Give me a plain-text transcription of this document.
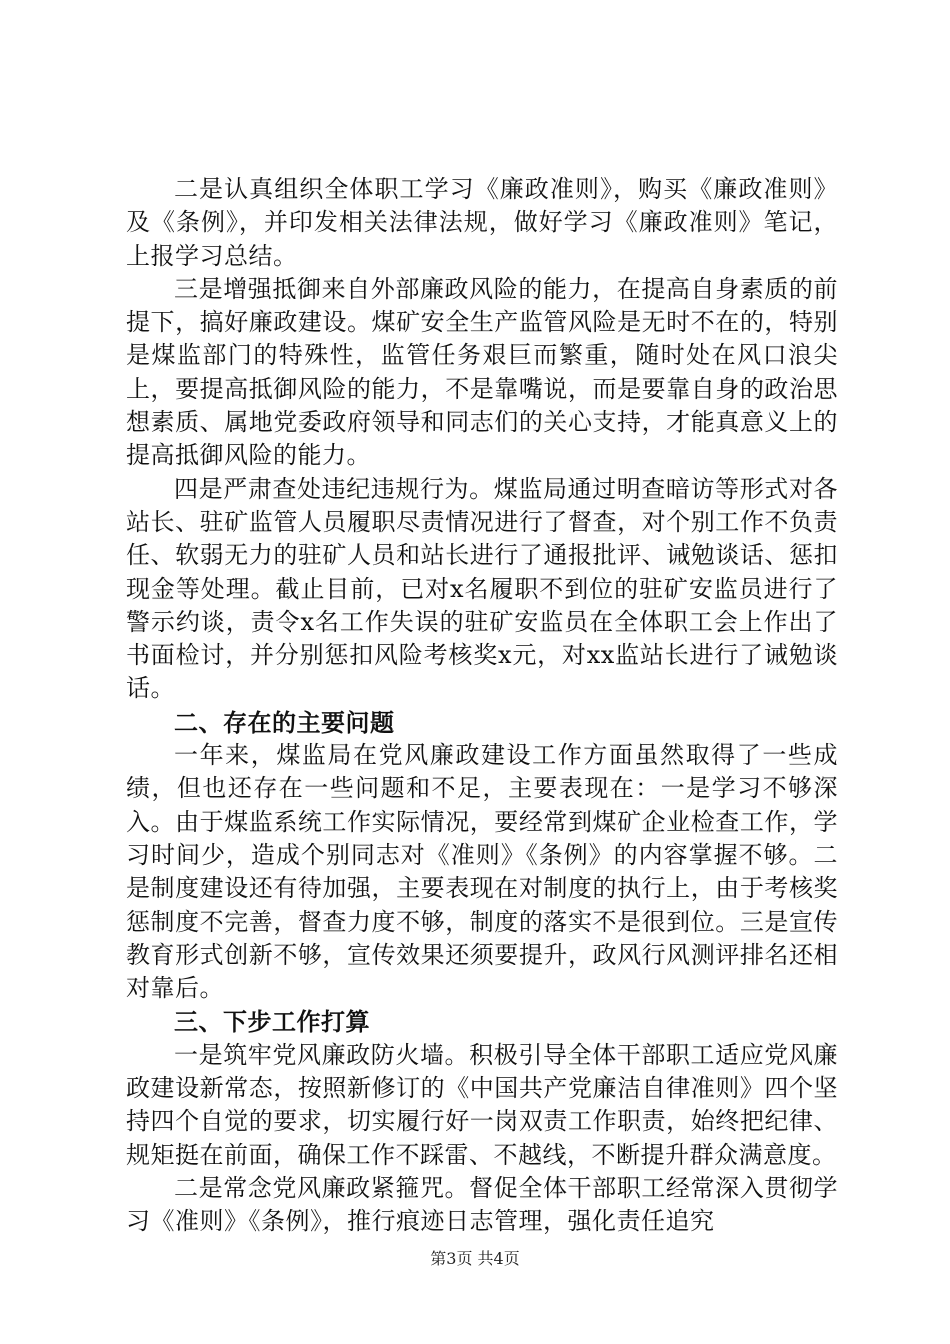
二是认真组织全体职工学习《廉政准则》，购买《廉政准则》及《条例》，并印发相关法律法规，做好学习《廉政准则》笔记，上报学习总结。

三是增强抵御来自外部廉政风险的能力，在提高自身素质的前提下，搞好廉政建设。煤矿安全生产监管风险是无时不在的，特别是煤监部门的特殊性，监管任务艰巨而繁重，随时处在风口浪尖上，要提高抵御风险的能力，不是靠嘴说，而是要靠自身的政治思想素质、属地党委政府领导和同志们的关心支持，才能真意义上的提高抵御风险的能力。

四是严肃查处违纪违规行为。煤监局通过明查暗访等形式对各站长、驻矿监管人员履职尽责情况进行了督查，对个别工作不负责任、软弱无力的驻矿人员和站长进行了通报批评、诫勉谈话、惩扣现金等处理。截止目前，已对x名履职不到位的驻矿安监员进行了警示约谈，责令x名工作失误的驻矿安监员在全体职工会上作出了书面检讨，并分别惩扣风险考核奖x元，对xx监站长进行了诫勉谈话。

二、存在的主要问题

一年来，煤监局在党风廉政建设工作方面虽然取得了一些成绩，但也还存在一些问题和不足，主要表现在：一是学习不够深入。由于煤监系统工作实际情况，要经常到煤矿企业检查工作，学习时间少，造成个别同志对《准则》《条例》的内容掌握不够。二是制度建设还有待加强，主要表现在对制度的执行上，由于考核奖惩制度不完善，督查力度不够，制度的落实不是很到位。三是宣传教育形式创新不够，宣传效果还须要提升，政风行风测评排名还相对靠后。

三、下步工作打算

一是筑牢党风廉政防火墙。积极引导全体干部职工适应党风廉政建设新常态，按照新修订的《中国共产党廉洁自律准则》四个坚持四个自觉的要求，切实履行好一岗双责工作职责，始终把纪律、规矩挺在前面，确保工作不踩雷、不越线，不断提升群众满意度。

二是常念党风廉政紧箍咒。督促全体干部职工经常深入贯彻学习《准则》《条例》，推行痕迹日志管理，强化责任追究

第3页 共4页
